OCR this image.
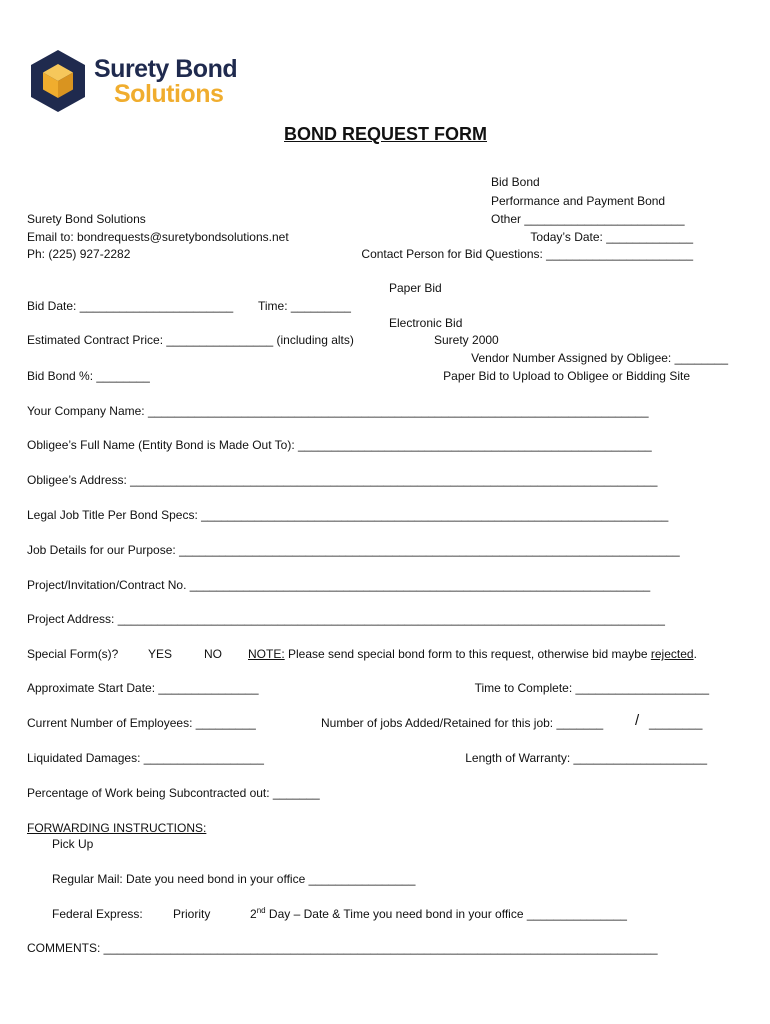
Surety Bond
Solutions
BOND REQUEST FORM
Bid Bond
Performance and Payment Bond
Other ________________________
Today’s Date: _____________
Contact Person for Bid Questions: ______________________
Surety Bond Solutions
Email to: bondrequests@suretybondsolutions.net
Ph: (225) 927-2282
Paper Bid
Bid Date: _______________________ Time: _________
Electronic Bid
Estimated Contract Price: ________________ (including alts)	Surety 2000
Vendor Number Assigned by Obligee: ________
Bid Bond %: ________	Paper Bid to Upload to Obligee or Bidding Site
Your Company Name: ___________________________________________________________________________
Obligee’s Full Name (Entity Bond is Made Out To): _____________________________________________________
Obligee’s Address: _______________________________________________________________________________
Legal Job Title Per Bond Specs: ______________________________________________________________________
Job Details for our Purpose: ___________________________________________________________________________
Project/Invitation/Contract No. _____________________________________________________________________
Project Address: __________________________________________________________________________________
Special Form(s)? YES	NO NOTE: Please send special bond form to this request, otherwise bid maybe rejected.
Approximate Start Date: _______________	Time to Complete: ____________________
Current Number of Employees: _________	Number of jobs Added/Retained for this job: _______ / ________
Liquidated Damages: __________________	Length of Warranty: ____________________
Percentage of Work being Subcontracted out: _______
FORWARDING INSTRUCTIONS:
Pick Up
Regular Mail: Date you need bond in your office ________________
Federal Express:	Priority	2nd Day – Date & Time you need bond in your office _______________
COMMENTS: ___________________________________________________________________________________
